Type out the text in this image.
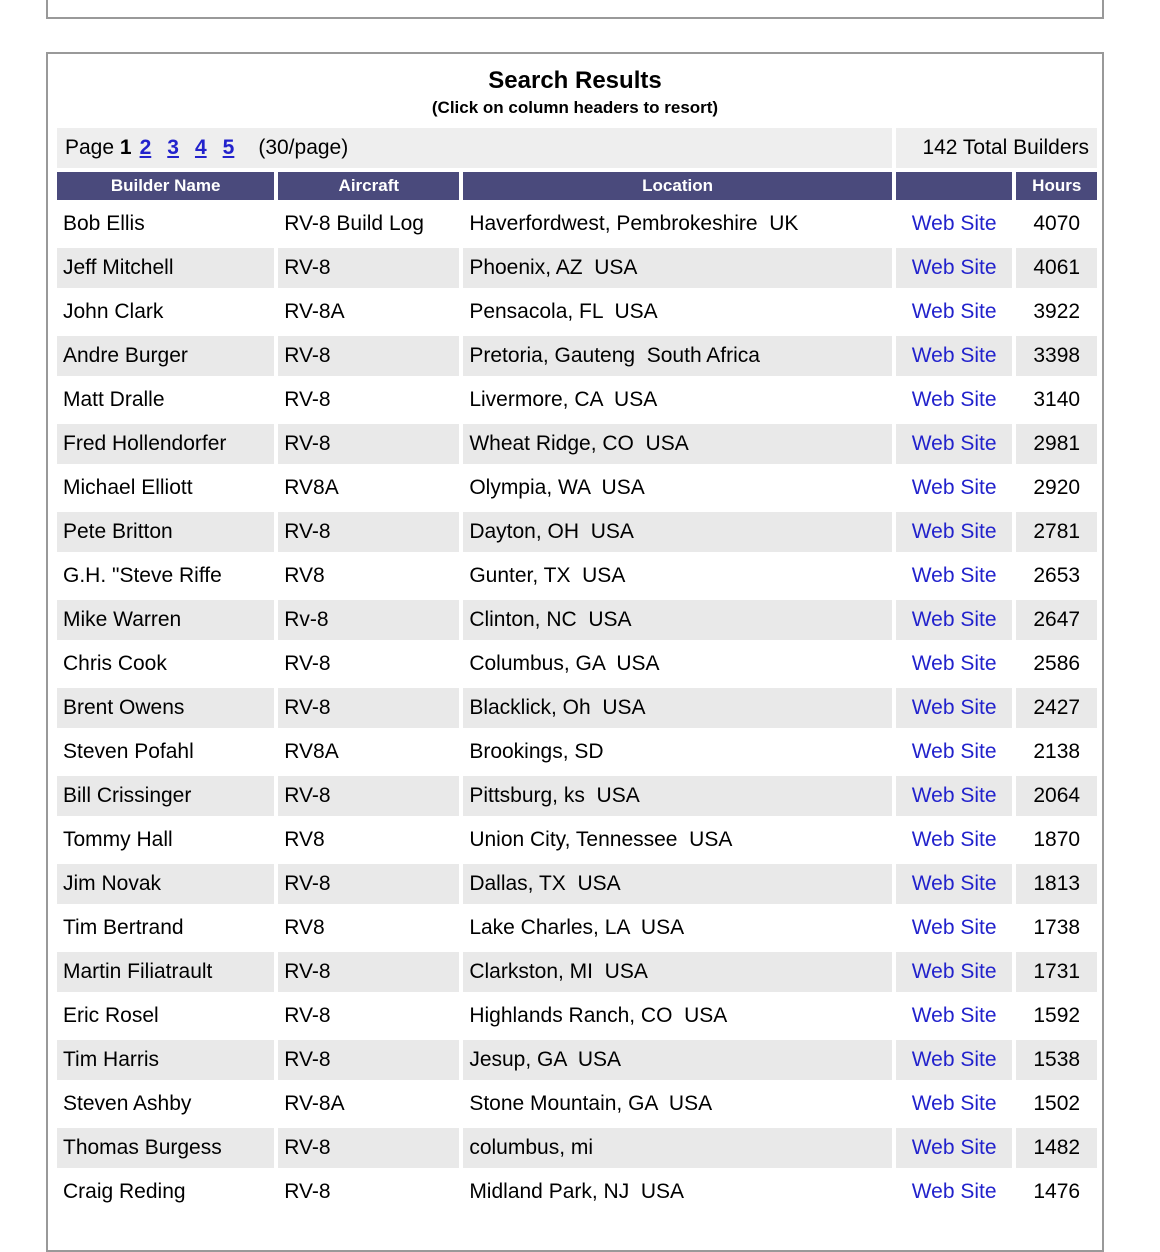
Search Results
(Click on column headers to resort)
Page 1 2 3 4 5 (30/page)			142 Total Builders	
Builder Name	Aircraft	Location		Hours
Bob Ellis	RV-8 Build Log	Haverfordwest, Pembrokeshire  UK	Web Site	4070
Jeff Mitchell	RV-8	Phoenix, AZ  USA	Web Site	4061
John Clark	RV-8A	Pensacola, FL  USA	Web Site	3922
Andre Burger	RV-8	Pretoria, Gauteng  South Africa	Web Site	3398
Matt Dralle	RV-8	Livermore, CA  USA	Web Site	3140
Fred Hollendorfer	RV-8	Wheat Ridge, CO  USA	Web Site	2981
Michael Elliott	RV8A	Olympia, WA  USA	Web Site	2920
Pete Britton	RV-8	Dayton, OH  USA	Web Site	2781
G.H. "Steve Riffe	RV8	Gunter, TX  USA	Web Site	2653
Mike Warren	Rv-8	Clinton, NC  USA	Web Site	2647
Chris Cook	RV-8	Columbus, GA  USA	Web Site	2586
Brent Owens	RV-8	Blacklick, Oh  USA	Web Site	2427
Steven Pofahl	RV8A	Brookings, SD	Web Site	2138
Bill Crissinger	RV-8	Pittsburg, ks  USA	Web Site	2064
Tommy Hall	RV8	Union City, Tennessee  USA	Web Site	1870
Jim Novak	RV-8	Dallas, TX  USA	Web Site	1813
Tim Bertrand	RV8	Lake Charles, LA  USA	Web Site	1738
Martin Filiatrault	RV-8	Clarkston, MI  USA	Web Site	1731
Eric Rosel	RV-8	Highlands Ranch, CO  USA	Web Site	1592
Tim Harris	RV-8	Jesup, GA  USA	Web Site	1538
Steven Ashby	RV-8A	Stone Mountain, GA  USA	Web Site	1502
Thomas Burgess	RV-8	columbus, mi	Web Site	1482
Craig Reding	RV-8	Midland Park, NJ  USA	Web Site	1476
